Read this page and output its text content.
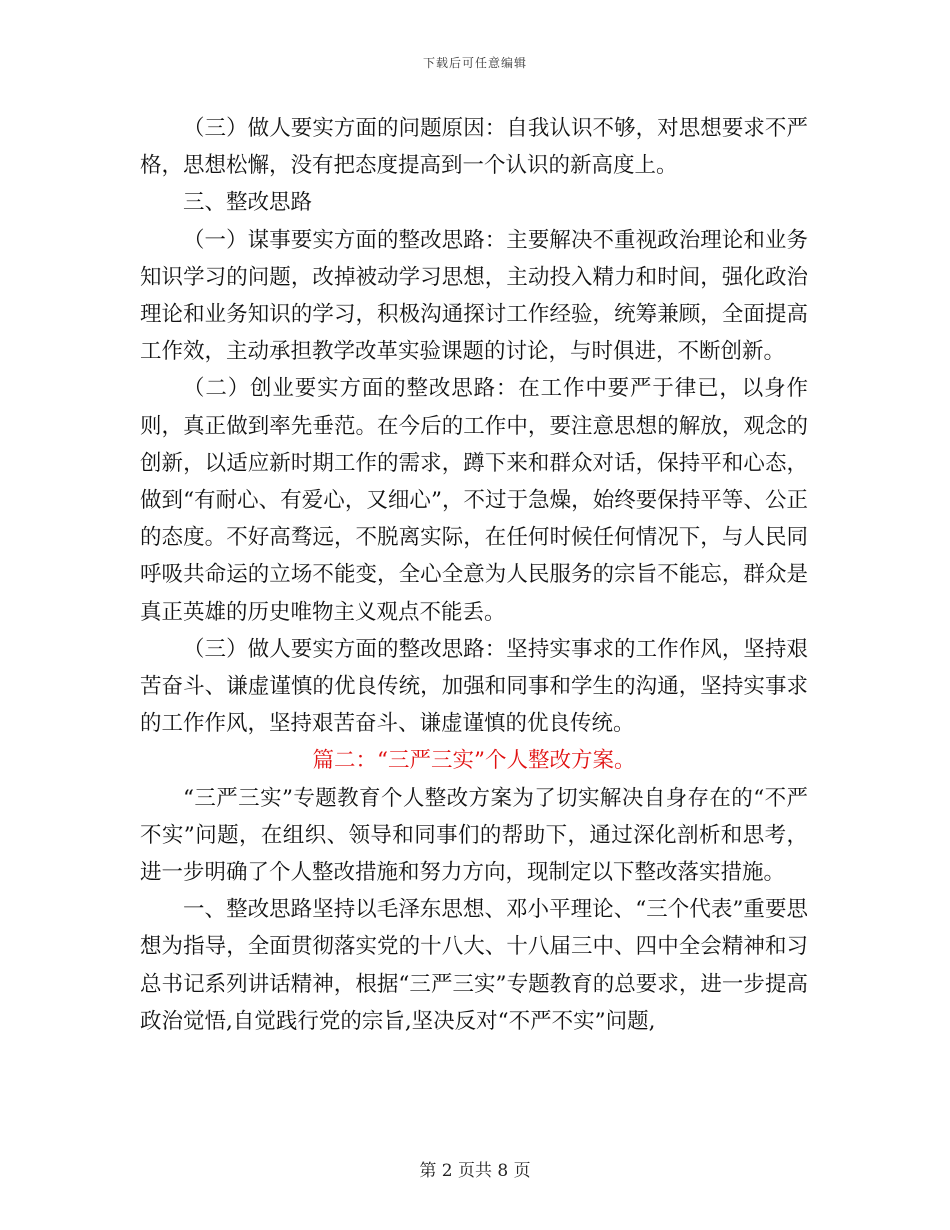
下载后可任意编辑

（三）做人要实方面的问题原因：自我认识不够，对思想要求不严格，思想松懈，没有把态度提高到一个认识的新高度上。

三、整改思路

（一）谋事要实方面的整改思路：主要解决不重视政治理论和业务知识学习的问题，改掉被动学习思想，主动投入精力和时间，强化政治理论和业务知识的学习，积极沟通探讨工作经验，统筹兼顾，全面提高工作效，主动承担教学改革实验课题的讨论，与时俱进，不断创新。

（二）创业要实方面的整改思路：在工作中要严于律已，以身作则，真正做到率先垂范。在今后的工作中，要注意思想的解放，观念的创新，以适应新时期工作的需求，蹲下来和群众对话，保持平和心态，做到“有耐心、有爱心，又细心”，不过于急燥，始终要保持平等、公正的态度。不好高骛远，不脱离实际，在任何时候任何情况下，与人民同呼吸共命运的立场不能变，全心全意为人民服务的宗旨不能忘，群众是真正英雄的历史唯物主义观点不能丢。

（三）做人要实方面的整改思路：坚持实事求的工作作风，坚持艰苦奋斗、谦虚谨慎的优良传统，加强和同事和学生的沟通，坚持实事求的工作作风，坚持艰苦奋斗、谦虚谨慎的优良传统。

篇二：“三严三实”个人整改方案。

“三严三实”专题教育个人整改方案为了切实解决自身存在的“不严不实”问题，在组织、领导和同事们的帮助下，通过深化剖析和思考，进一步明确了个人整改措施和努力方向，现制定以下整改落实措施。

一、整改思路坚持以毛泽东思想、邓小平理论、“三个代表”重要思想为指导，全面贯彻落实党的十八大、十八届三中、四中全会精神和习总书记系列讲话精神，根据“三严三实”专题教育的总要求，进一步提高政治觉悟,自觉践行党的宗旨,坚决反对“不严不实”问题,

第 2 页共 8 页
